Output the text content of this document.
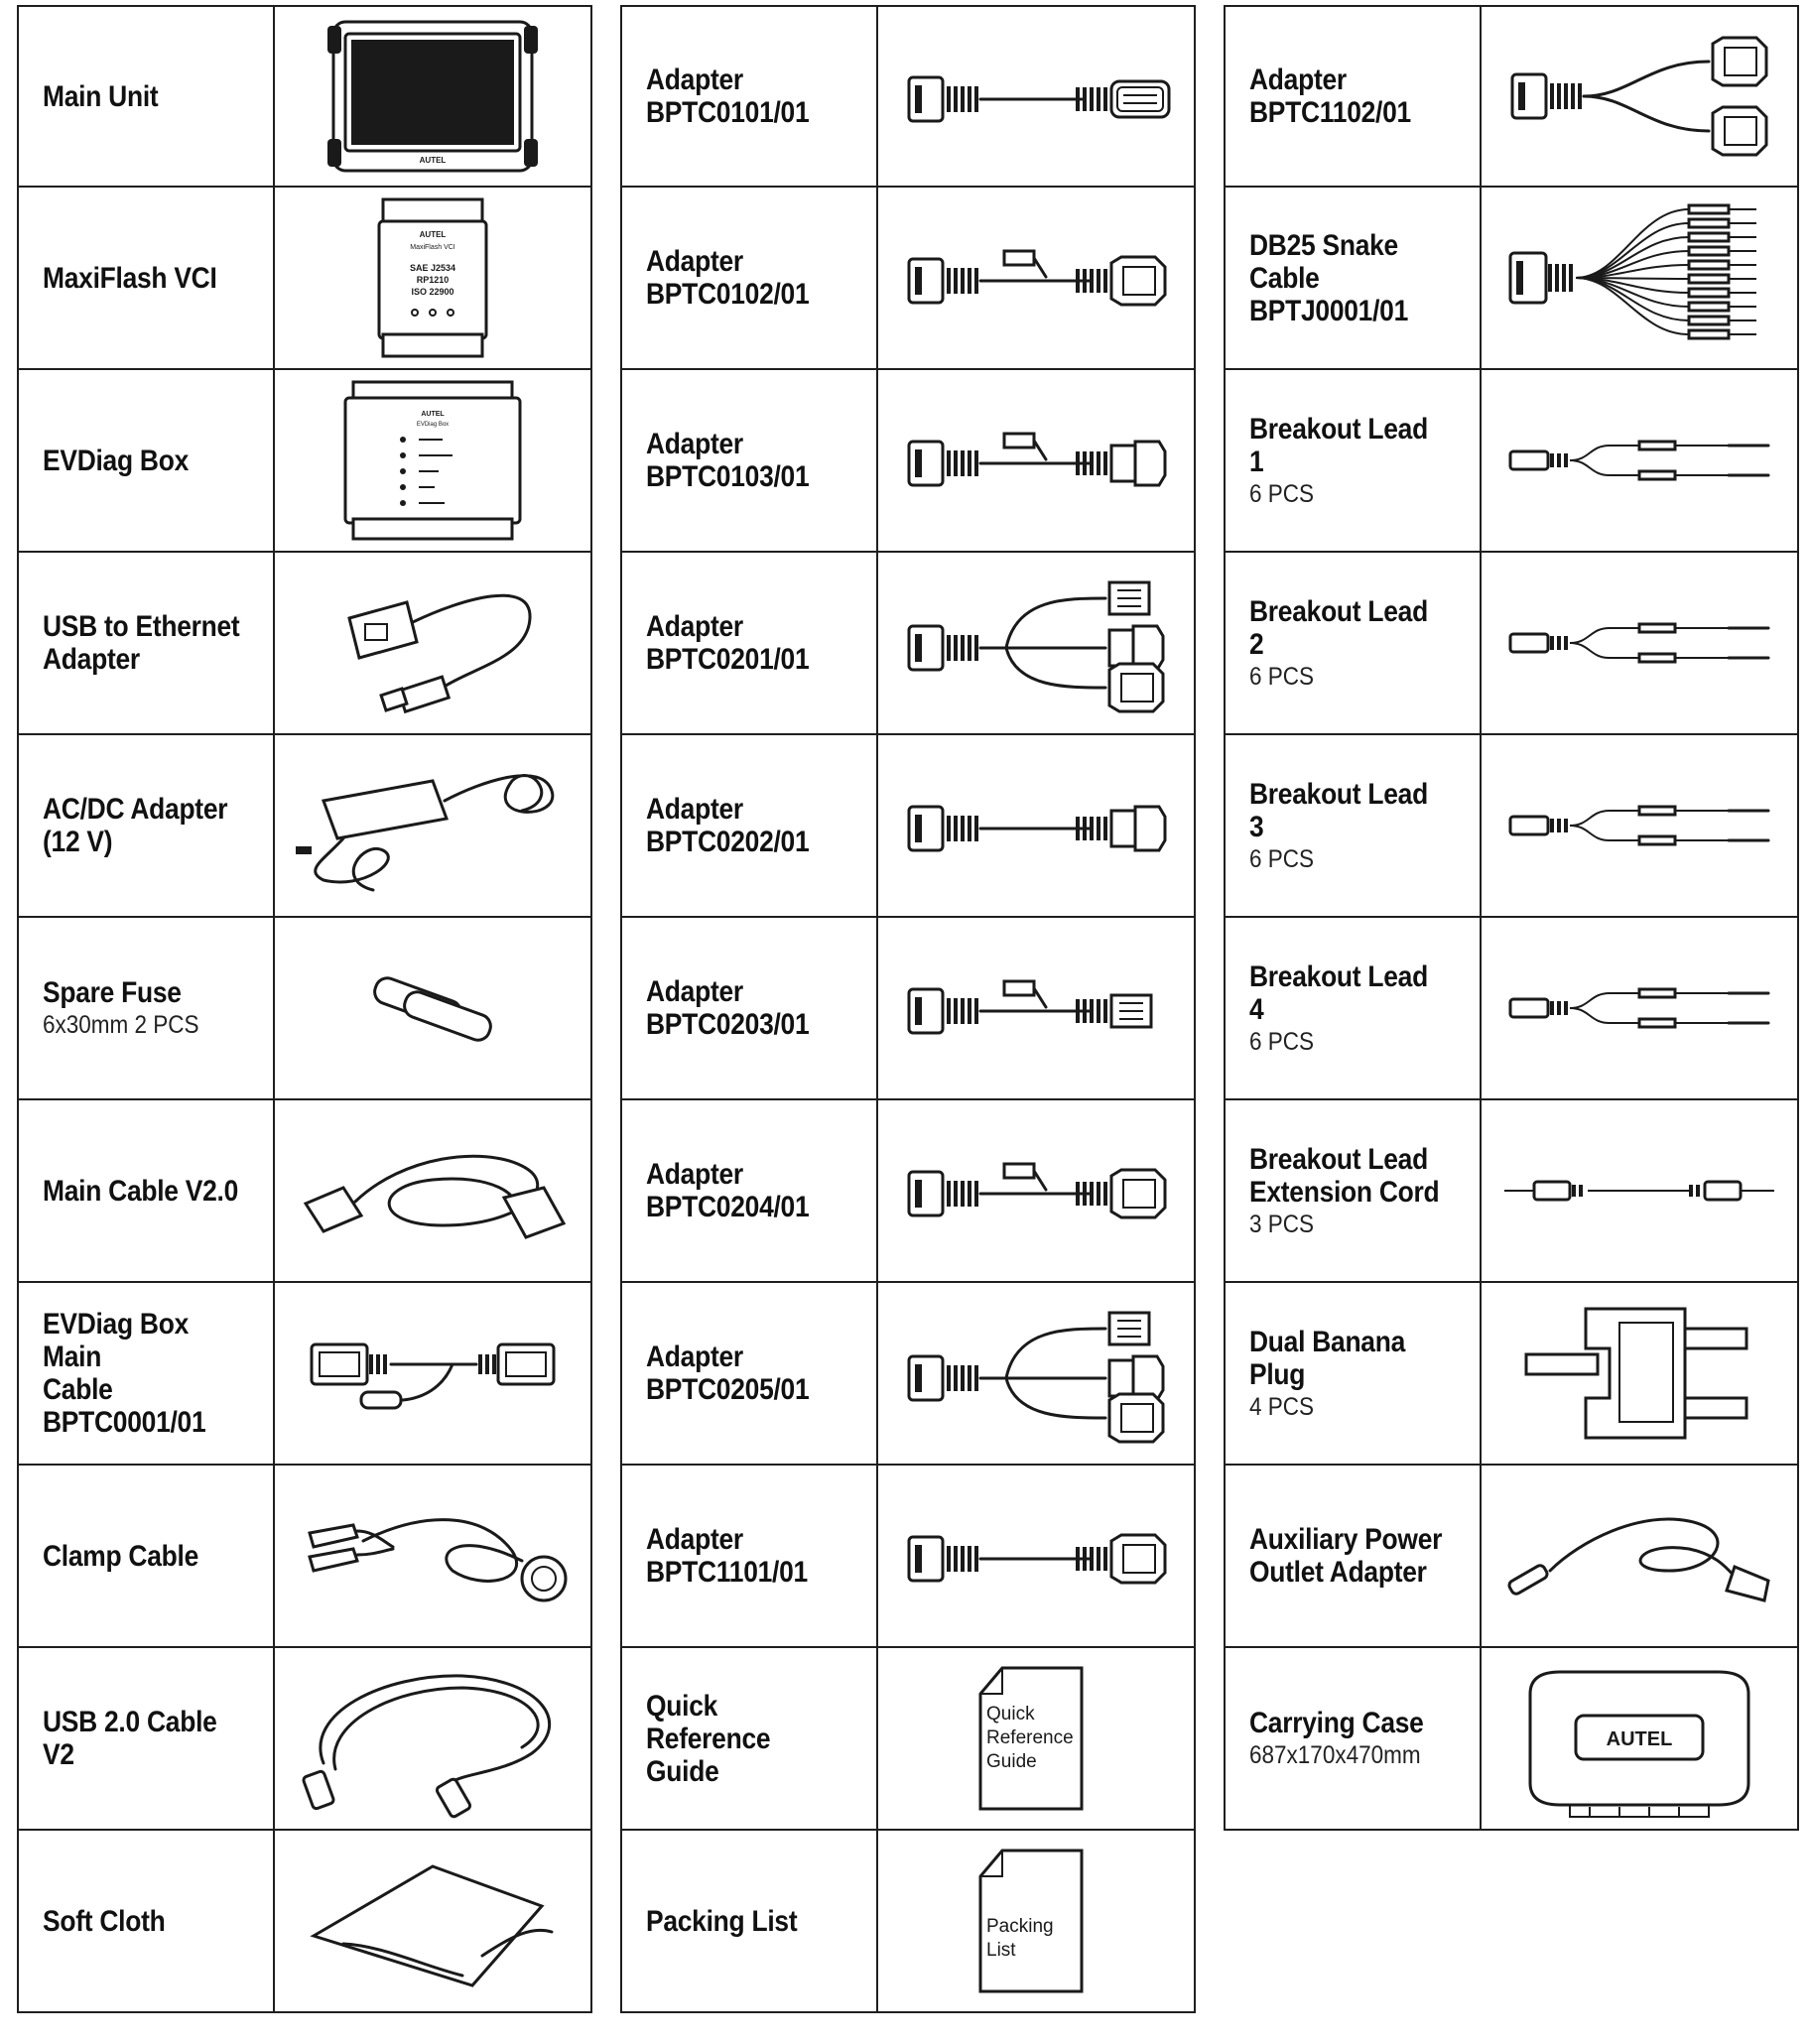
Main Unit
AUTEL
MaxiFlash VCI
AUTEL
MaxiFlash VCI
SAE J2534
RP1210
ISO 22900
EVDiag Box
AUTEL
EVDiag Box
USB to Ethernet
Adapter
AC/DC Adapter
(12 V)
Spare Fuse
6x30mm 2 PCS
Main Cable V2.0
EVDiag Box Main
Cable
BPTC0001/01
Clamp Cable
USB 2.0 Cable V2
Soft Cloth
Adapter
BPTC0101/01
Adapter
BPTC0102/01
Adapter
BPTC0103/01
Adapter
BPTC0201/01
Adapter
BPTC0202/01
Adapter
BPTC0203/01
Adapter
BPTC0204/01
Adapter
BPTC0205/01
Adapter
BPTC1101/01
Quick Reference
Guide
Quick
Reference
Guide
Packing List	Packing
List
Adapter
BPTC1102/01
DB25 Snake
Cable
BPTJ0001/01
Breakout Lead 1
6 PCS
Breakout Lead 2
6 PCS
Breakout Lead 3
6 PCS
Breakout Lead 4
6 PCS
Breakout Lead
Extension Cord
3 PCS
Dual Banana Plug
4 PCS
Auxiliary Power
Outlet Adapter
Carrying Case
687x170x470mm
AUTEL
